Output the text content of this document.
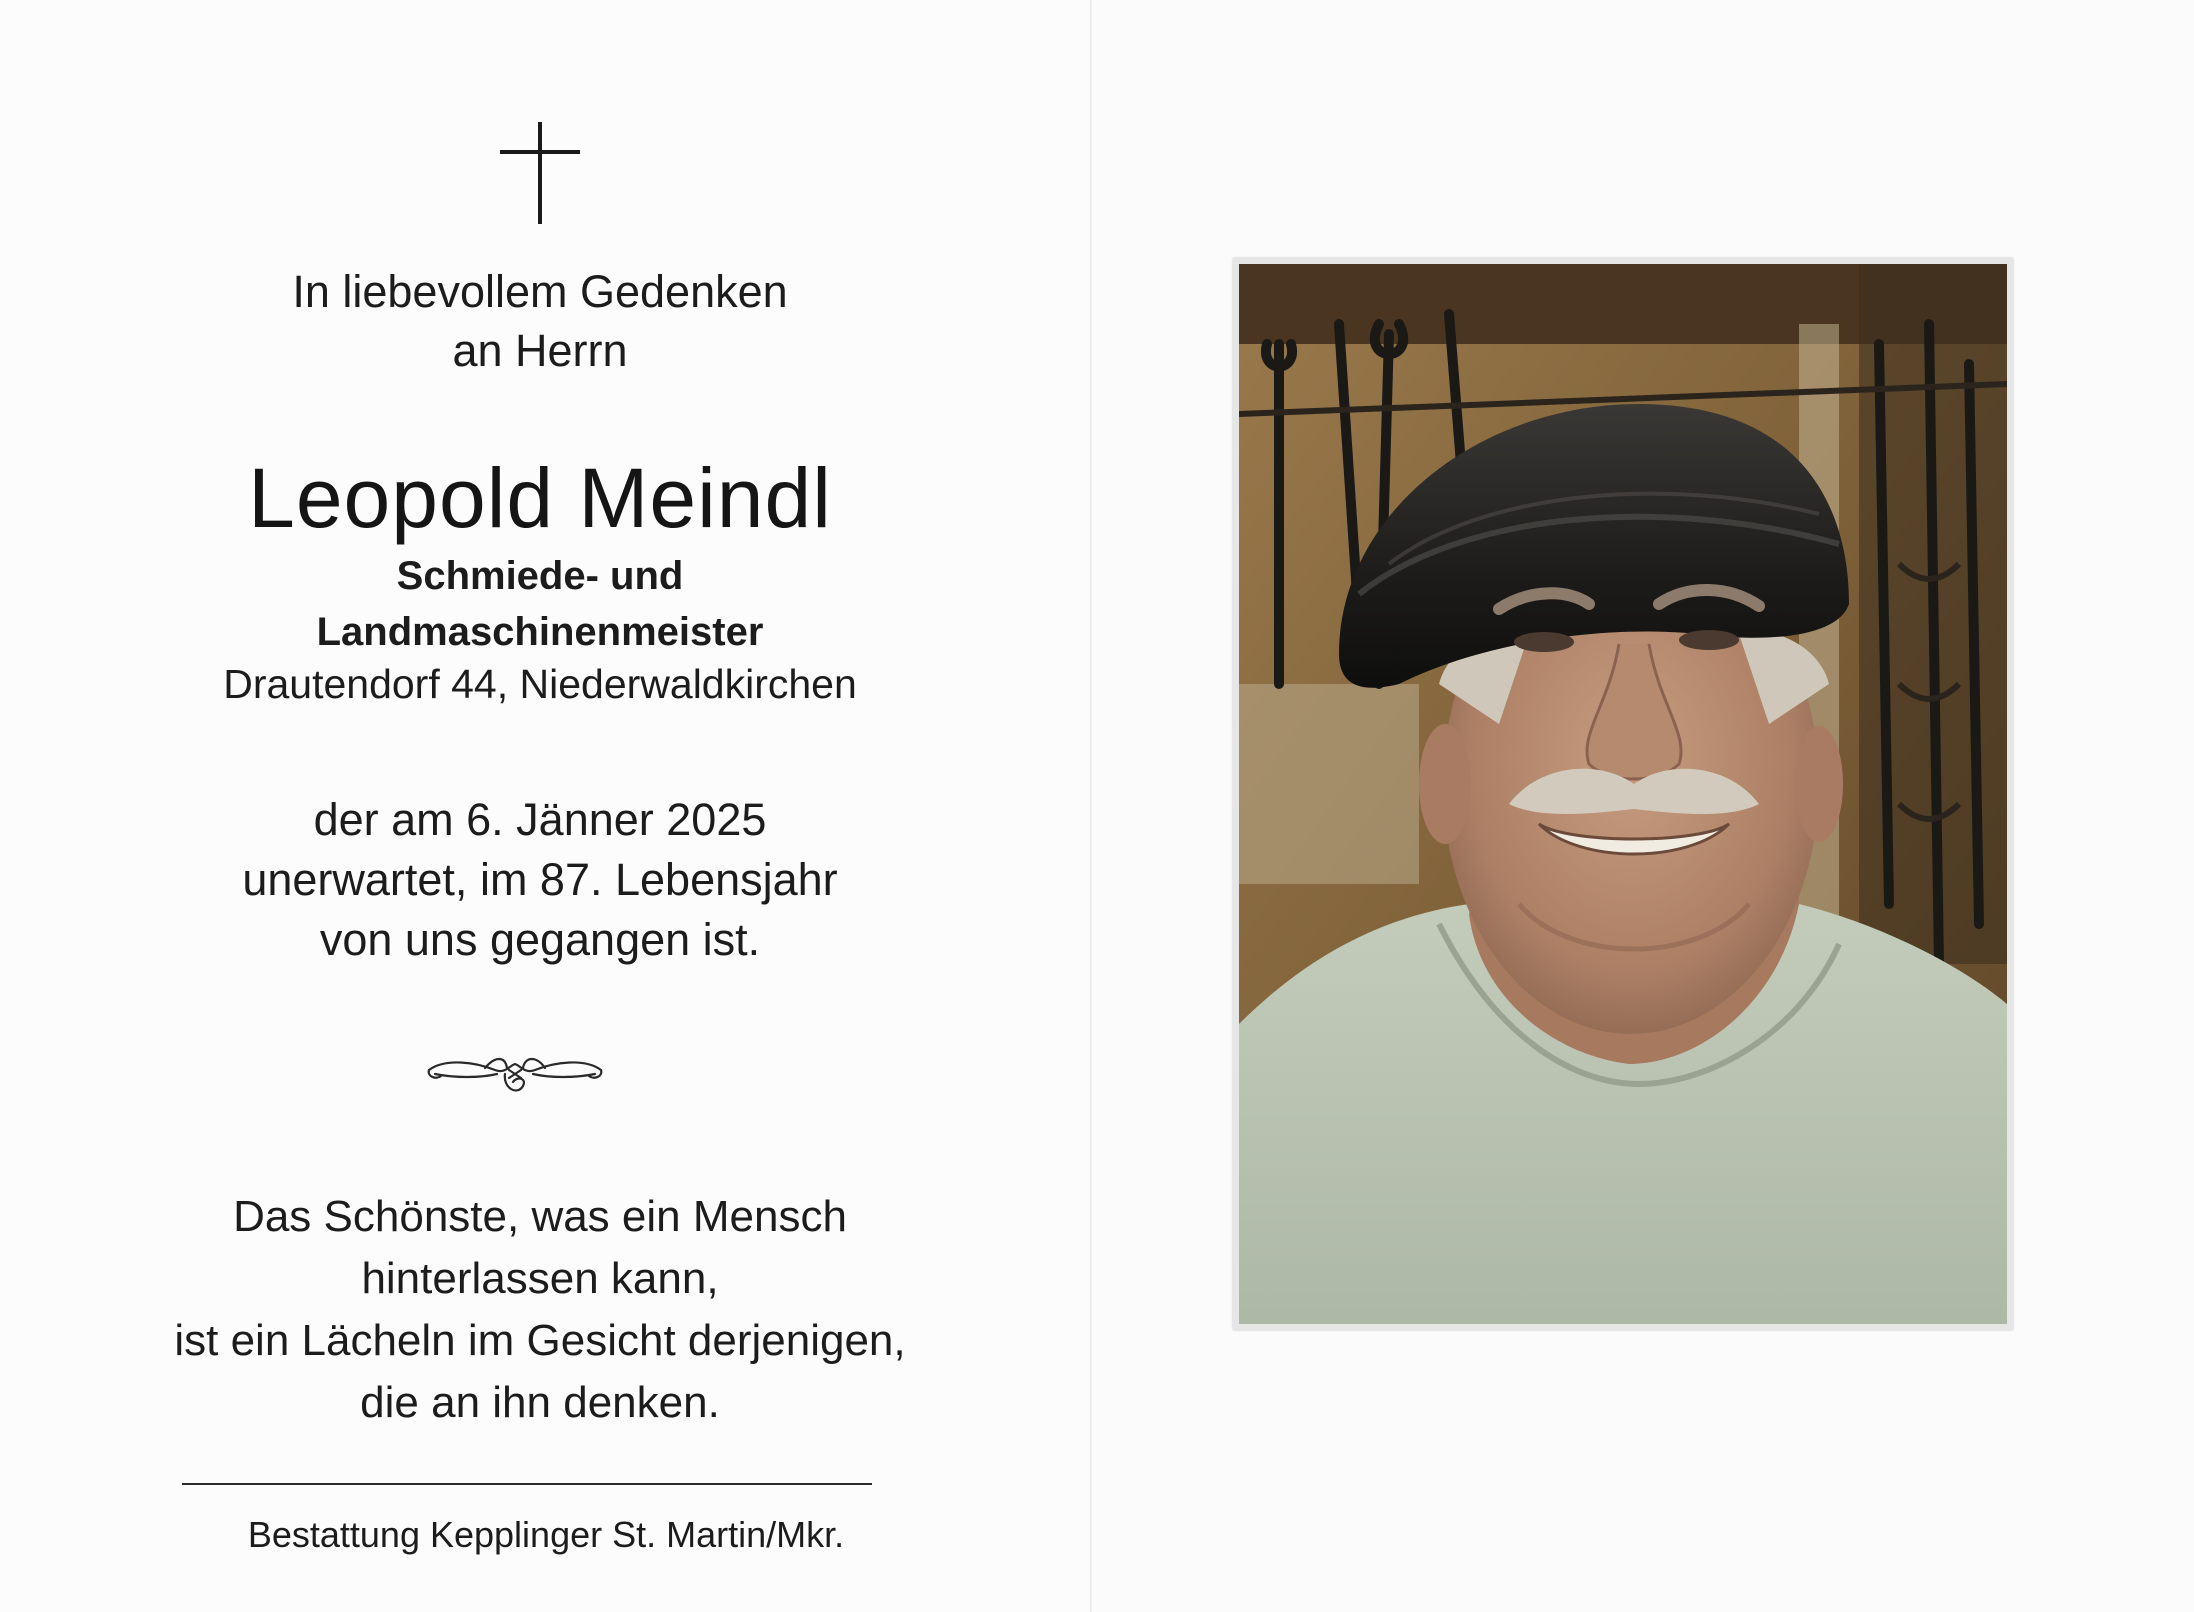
In liebevollem Gedenken
an Herrn
Leopold Meindl
Schmiede- und
Landmaschinenmeister
Drautendorf 44, Niederwaldkirchen
der am 6. Jänner 2025
unerwartet, im 87. Lebensjahr
von uns gegangen ist.
Das Schönste, was ein Mensch
hinterlassen kann,
ist ein Lächeln im Gesicht derjenigen,
die an ihn denken.
Bestattung Kepplinger St. Martin/Mkr.
